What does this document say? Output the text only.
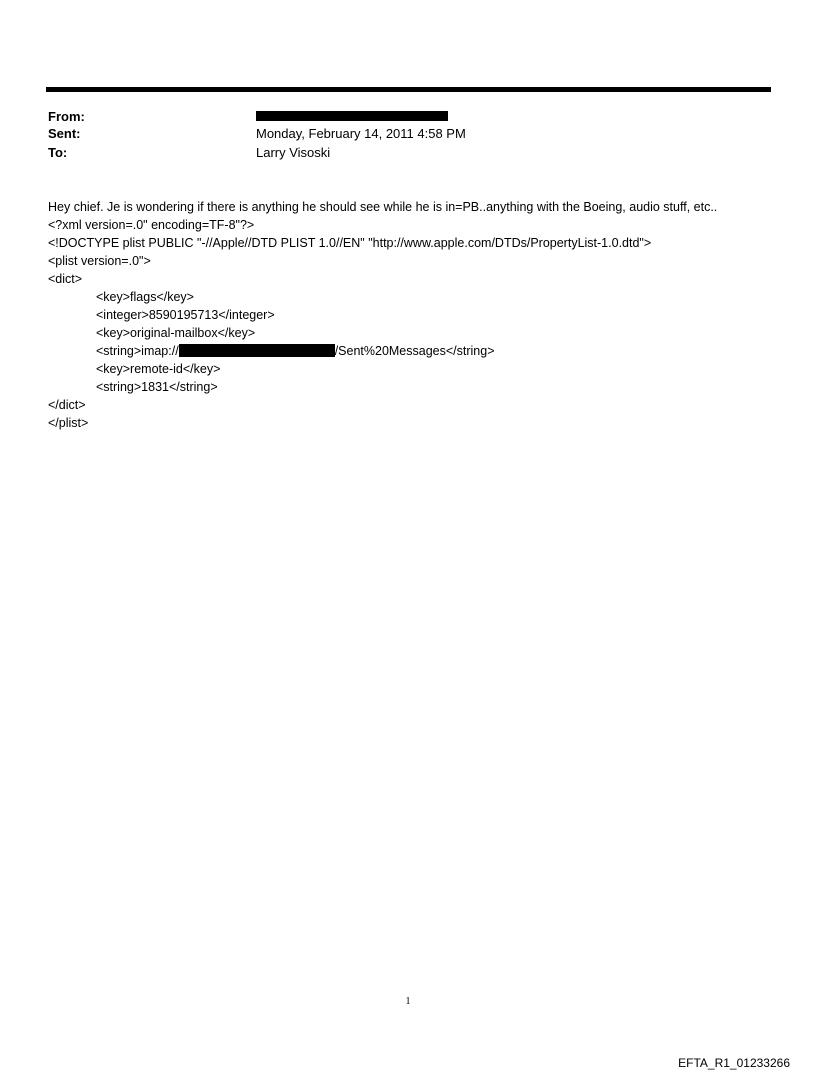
From:
Sent:	Monday, February 14, 2011 4:58 PM
To:	Larry Visoski
Hey chief. Je is wondering if there is anything he should see while he is in=PB..anything with the Boeing, audio stuff, etc..
<?xml version=.0" encoding=TF-8"?>
<!DOCTYPE plist PUBLIC "-//Apple//DTD PLIST 1.0//EN" "http://www.apple.com/DTDs/PropertyList-1.0.dtd">
<plist version=.0">
<dict>
<key>flags</key>
<integer>8590195713</integer>
<key>original-mailbox</key>
<string>imap://	/Sent%20Messages</string>
<key>remote-id</key>
<string>1831</string>
</dict>
</plist>
1
EFTA_R1_01233266
